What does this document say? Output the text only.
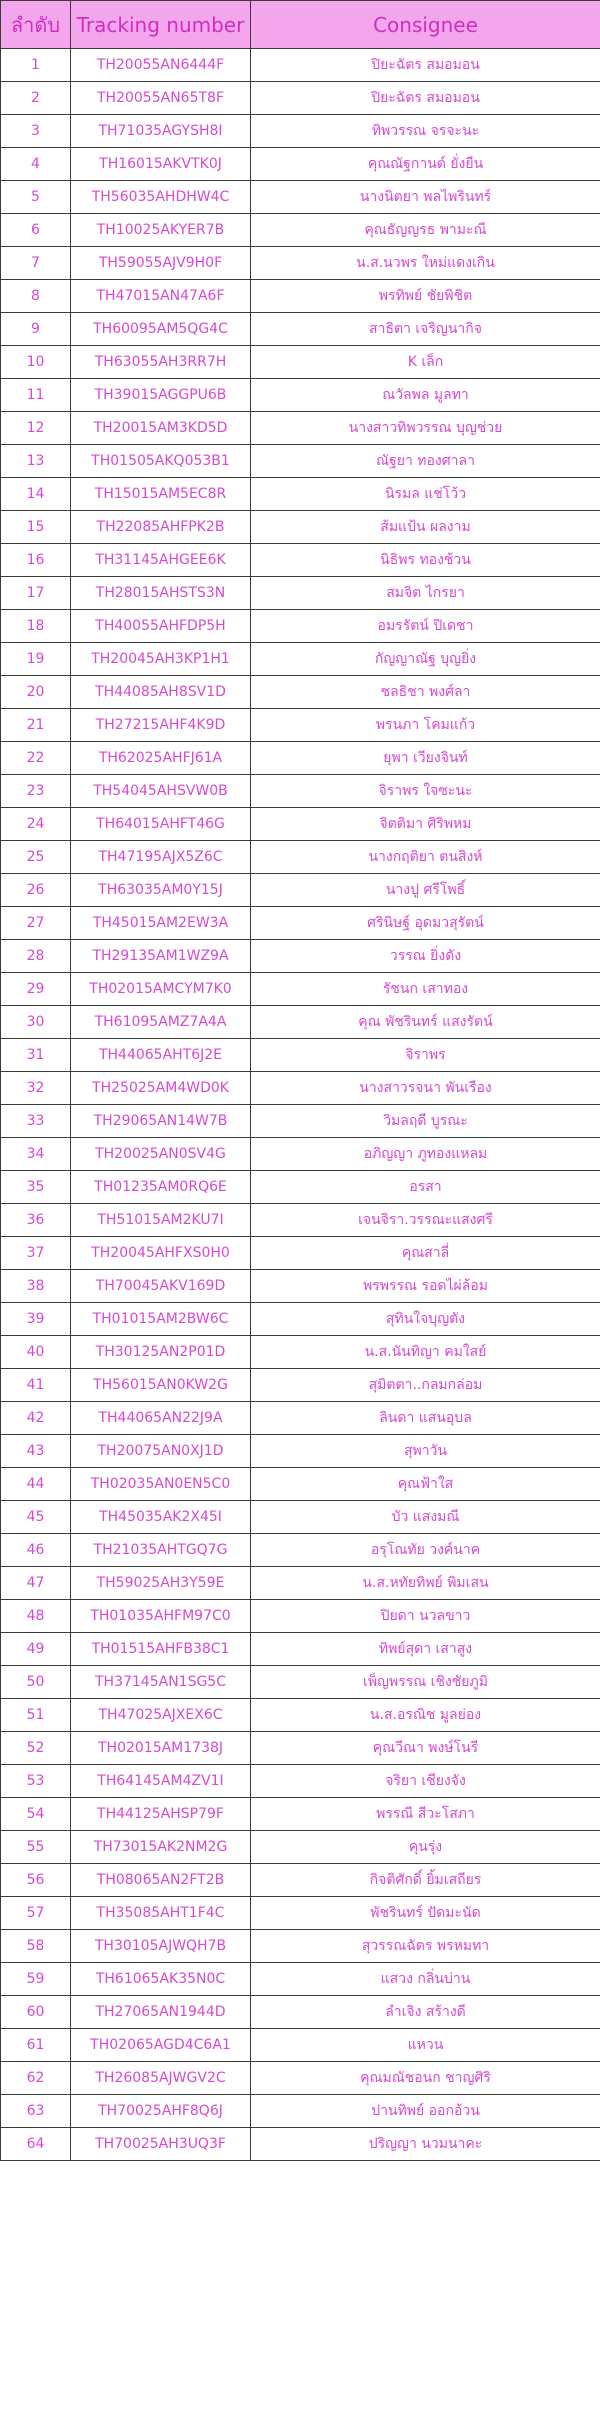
ลำดับ	Tracking number	Consignee
1	TH20055AN6444F	ปิยะฉัตร สมอมอน
2	TH20055AN65T8F	ปิยะฉัตร สมอมอน
3	TH71035AGYSH8I	ทิพวรรณ จรจะนะ
4	TH16015AKVTK0J	คุณณัฐกานต์ ยั่งยืน
5	TH56035AHDHW4C	นางนิตยา พลไพรินทร์
6	TH10025AKYER7B	คุณธัญญรธ พามะณี
7	TH59055AJV9H0F	น.ส.นวพร ใหม่แดงเกิน
8	TH47015AN47A6F	พรทิพย์ ชัยพิชิต
9	TH60095AM5QG4C	สาธิตา เจริญนากิจ
10	TH63055AH3RR7H	K เล็ก
11	TH39015AGGPU6B	ณวัลพล มูลทา
12	TH20015AM3KD5D	นางสาวทิพวรรณ บุญช่วย
13	TH01505AKQ053B1	ณัฐยา ทองศาลา
14	TH15015AM5EC8R	นิรมล แช่โว้ว
15	TH22085AHFPK2B	ส้มแป้น ผลงาม
16	TH31145AHGEE6K	นิธิพร ทองช้วน
17	TH28015AHSTS3N	สมจิต ไกรยา
18	TH40055AHFDP5H	อมรรัตน์ ปิเดชา
19	TH20045AH3KP1H1	กัญญาณัฐ บุญยิ่ง
20	TH44085AH8SV1D	ชลธิชา พงศ์ลา
21	TH27215AHF4K9D	พรนภา โคมแก้ว
22	TH62025AHFJ61A	ยุพา เวียงจินท์
23	TH54045AHSVW0B	จิราพร ใจซะนะ
24	TH64015AHFT46G	จิตติมา ศิริพหม
25	TH47195AJX5Z6C	นางกฤติยา ตนสิงห์
26	TH63035AM0Y15J	นางปู ศรีโพธิ์
27	TH45015AM2EW3A	ศรินิษฐ์ อุดมวสุรัตน์
28	TH29135AM1WZ9A	วรรณ ยิ่งดัง
29	TH02015AMCYM7K0	รัชนก เสาทอง
30	TH61095AMZ7A4A	คุณ พัชรินทร์ แสงรัตน์
31	TH44065AHT6J2E	จิราพร
32	TH25025AM4WD0K	นางสาวรจนา พันเรือง
33	TH29065AN14W7B	วิมลฤดี บูรณะ
34	TH20025AN0SV4G	อภิญญา ภูทองแหลม
35	TH01235AM0RQ6E	อรสา
36	TH51015AM2KU7I	เจนจิรา.วรรณะแสงศรี
37	TH20045AHFXS0H0	คุณสาลี่
38	TH70045AKV169D	พรพรรณ รอดไผ่ล้อม
39	TH01015AM2BW6C	สุทินใจบุญตัง
40	TH30125AN2P01D	น.ส.นันทิญา คมใสย์
41	TH56015AN0KW2G	สุมิตตา..กลมกล่อม
42	TH44065AN22J9A	ลินดา แสนอุบล
43	TH20075AN0XJ1D	สุพาวัน
44	TH02035AN0EN5C0	คุณฟ้าใส
45	TH45035AK2X45I	บัว แสงมณี
46	TH21035AHTGQ7G	อรุโณทัย วงค์นาค
47	TH59025AH3Y59E	น.ส.หทัยทิพย์ พิมเสน
48	TH01035AHFM97C0	ปิยดา นวลขาว
49	TH01515AHFB38C1	ทิพย์สุดา เสาสูง
50	TH37145AN1SG5C	เพ็ญพรรณ เชิงชัยภูมิ
51	TH47025AJXEX6C	น.ส.อรณิช มูลย่อง
52	TH02015AM1738J	คุณวีณา พงษ์โนรี
53	TH64145AM4ZV1I	จริยา เชียงจัง
54	TH44125AHSP79F	พรรณี สีวะโสภา
55	TH73015AK2NM2G	คุนรุ่ง
56	TH08065AN2FT2B	กิจติศักดิ์ ยิ้มเสถียร
57	TH35085AHT1F4C	พัชรินทร์ ปัดมะนัด
58	TH30105AJWQH7B	สุวรรณฉัตร พรหมทา
59	TH61065AK35N0C	แสวง กลิ่นบ่าน
60	TH27065AN1944D	ลำเจิง สร้างดี
61	TH02065AGD4C6A1	แหวน
62	TH26085AJWGV2C	คุณมณัชอนก ชาญศิริ
63	TH70025AHF8Q6J	ปานทิพย์ ออกอ้วน
64	TH70025AH3UQ3F	ปริญญา นวมนาคะ
